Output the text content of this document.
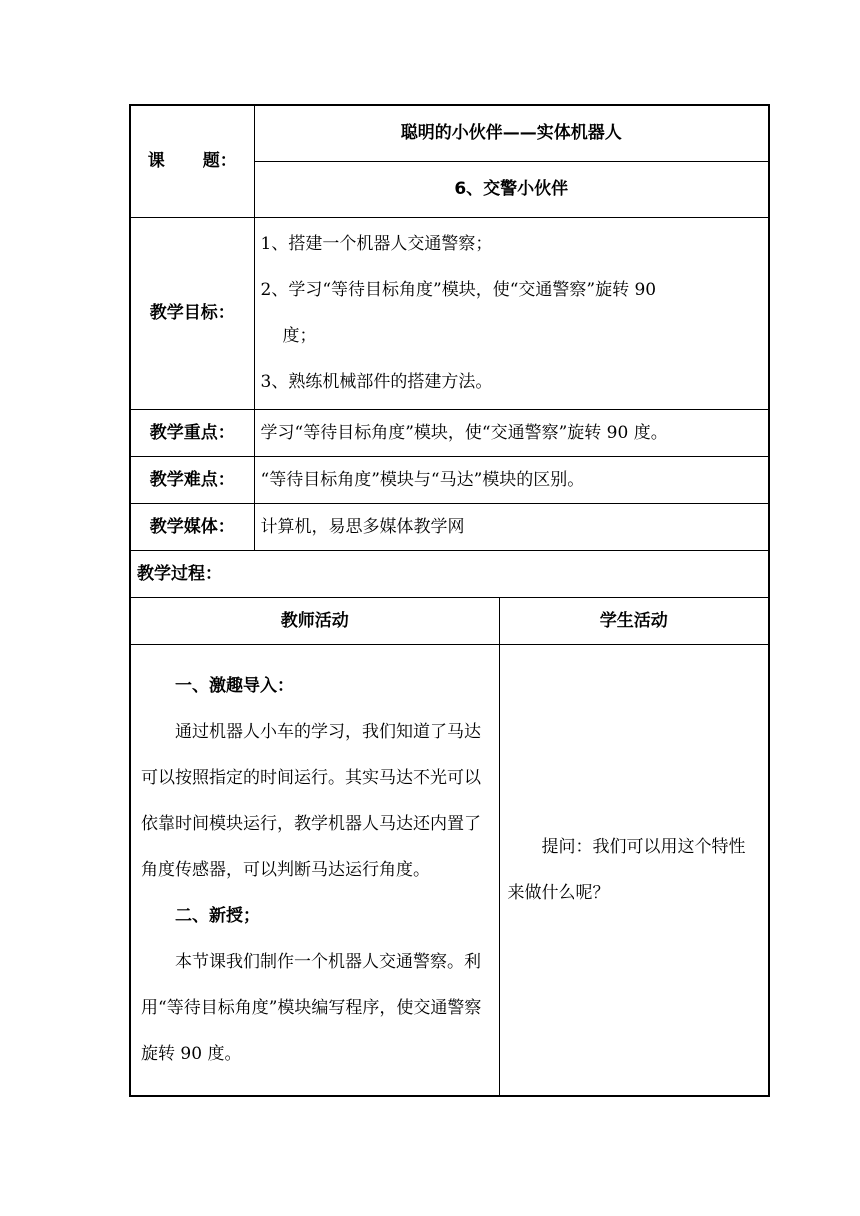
课 题：	聪明的小伙伴——实体机器人	
	6、交警小伙伴	
教学目标：	1、搭建一个机器人交通警察；

2、学习“等待目标角度”模块，使“交通警察”旋转 90

度；

3、熟练机械部件的搭建方法。	

教学重点：	学习“等待目标角度”模块，使“交通警察”旋转 90 度。	
教学难点：	“等待目标角度”模块与“马达”模块的区别。	
教学媒体：	计算机，易思多媒体教学网	
教学过程：		
教师活动		学生活动

一、激趣导入：

通过机器人小车的学习，我们知道了马达可以按照指定的时间运行。其实马达不光可以依靠时间模块运行，教学机器人马达还内置了角度传感器，可以判断马达运行角度。

二、新授；

本节课我们制作一个机器人交通警察。利用“等待目标角度”模块编写程序，使交通警察旋转 90 度。		提问：我们可以用这个特性来做什么呢？
